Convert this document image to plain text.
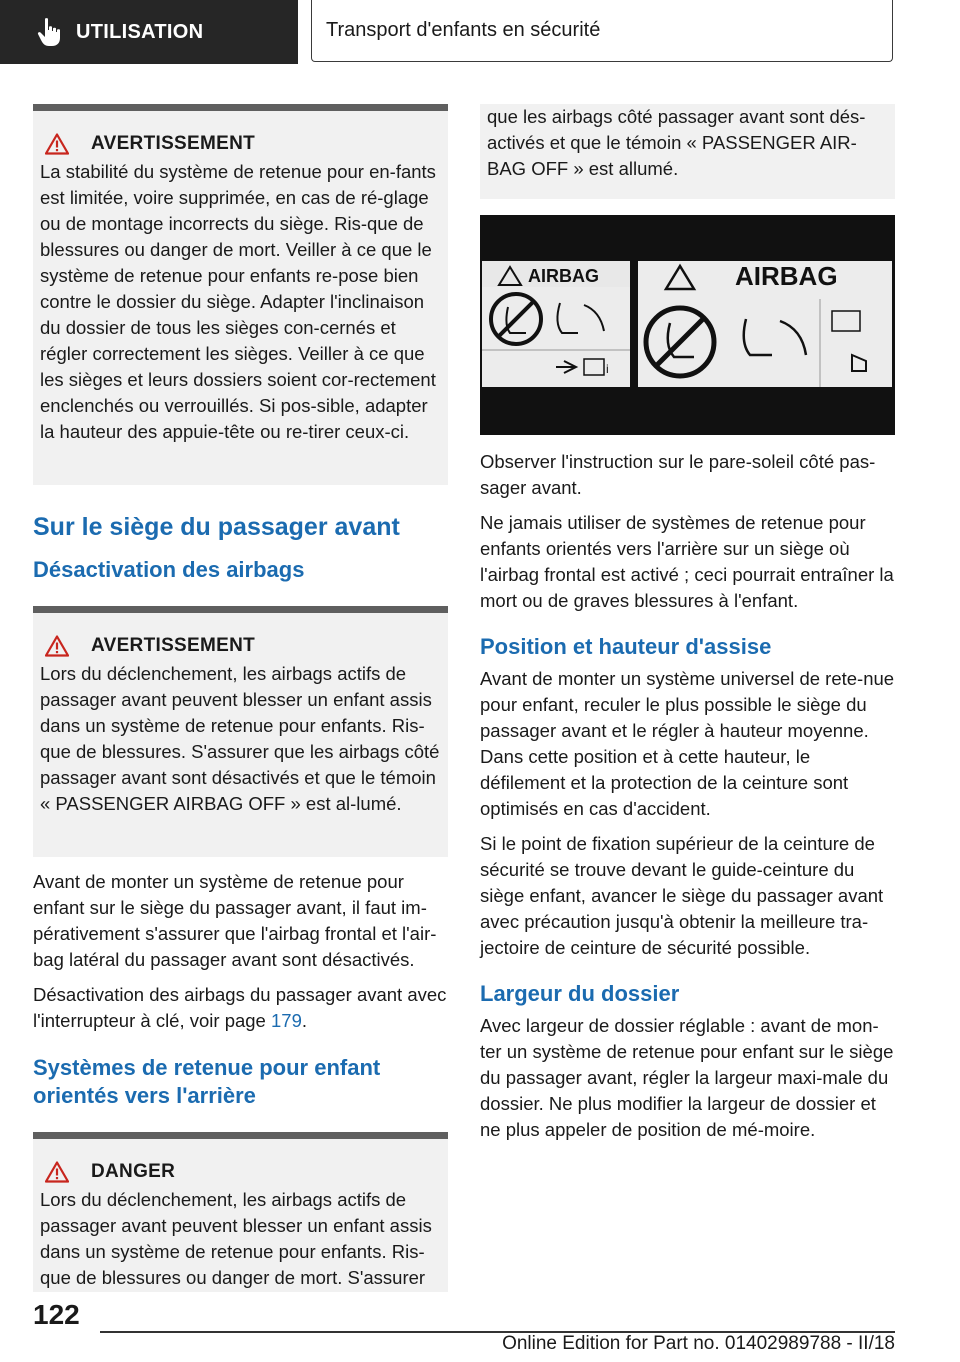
UTILISATION	Transport d'enfants en sécurité
AVERTISSEMENT

La stabilité du système de retenue pour en-fants est limitée, voire supprimée, en cas de ré-glage ou de montage incorrects du siège. Ris-que de blessures ou danger de mort. Veiller à ce que le système de retenue pour enfants re-pose bien contre le dossier du siège. Adapter l'inclinaison du dossier de tous les sièges con-cernés et régler correctement les sièges. Veiller à ce que les sièges et leurs dossiers soient cor-rectement enclenchés ou verrouillés. Si pos-sible, adapter la hauteur des appuie-tête ou re-tirer ceux-ci.

Sur le siège du passager avant
Désactivation des airbags
AVERTISSEMENT

Lors du déclenchement, les airbags actifs de passager avant peuvent blesser un enfant assis dans un système de retenue pour enfants. Ris-que de blessures. S'assurer que les airbags côté passager avant sont désactivés et que le témoin « PASSENGER AIRBAG OFF » est al-lumé.

Avant de monter un système de retenue pour enfant sur le siège du passager avant, il faut im-pérativement s'assurer que l'airbag frontal et l'air-bag latéral du passager avant sont désactivés.

Désactivation des airbags du passager avant avec l'interrupteur à clé, voir page 179.

Systèmes de retenue pour enfant orientés vers l'arrière
DANGER

Lors du déclenchement, les airbags actifs de passager avant peuvent blesser un enfant assis dans un système de retenue pour enfants. Ris-que de blessures ou danger de mort. S'assurer

que les airbags côté passager avant sont dés-activés et que le témoin « PASSENGER AIR-BAG OFF » est allumé.

AIRBAG
i
AIRBAG

Observer l'instruction sur le pare-soleil côté pas-sager avant.

Ne jamais utiliser de systèmes de retenue pour enfants orientés vers l'arrière sur un siège où l'airbag frontal est activé ; ceci pourrait entraîner la mort ou de graves blessures à l'enfant.

Position et hauteur d'assise

Avant de monter un système universel de rete-nue pour enfant, reculer le plus possible le siège du passager avant et le régler à hauteur moyenne. Dans cette position et à cette hauteur, le défilement et la protection de la ceinture sont optimisés en cas d'accident.

Si le point de fixation supérieur de la ceinture de sécurité se trouve devant le guide-ceinture du siège enfant, avancer le siège du passager avant avec précaution jusqu'à obtenir la meilleure tra-jectoire de ceinture de sécurité possible.

Largeur du dossier

Avec largeur de dossier réglable : avant de mon-ter un système de retenue pour enfant sur le siège du passager avant, régler la largeur maxi-male du dossier. Ne plus modifier la largeur de dossier et ne plus appeler de position de mé-moire.

122
Online Edition for Part no. 01402989788 - II/18
